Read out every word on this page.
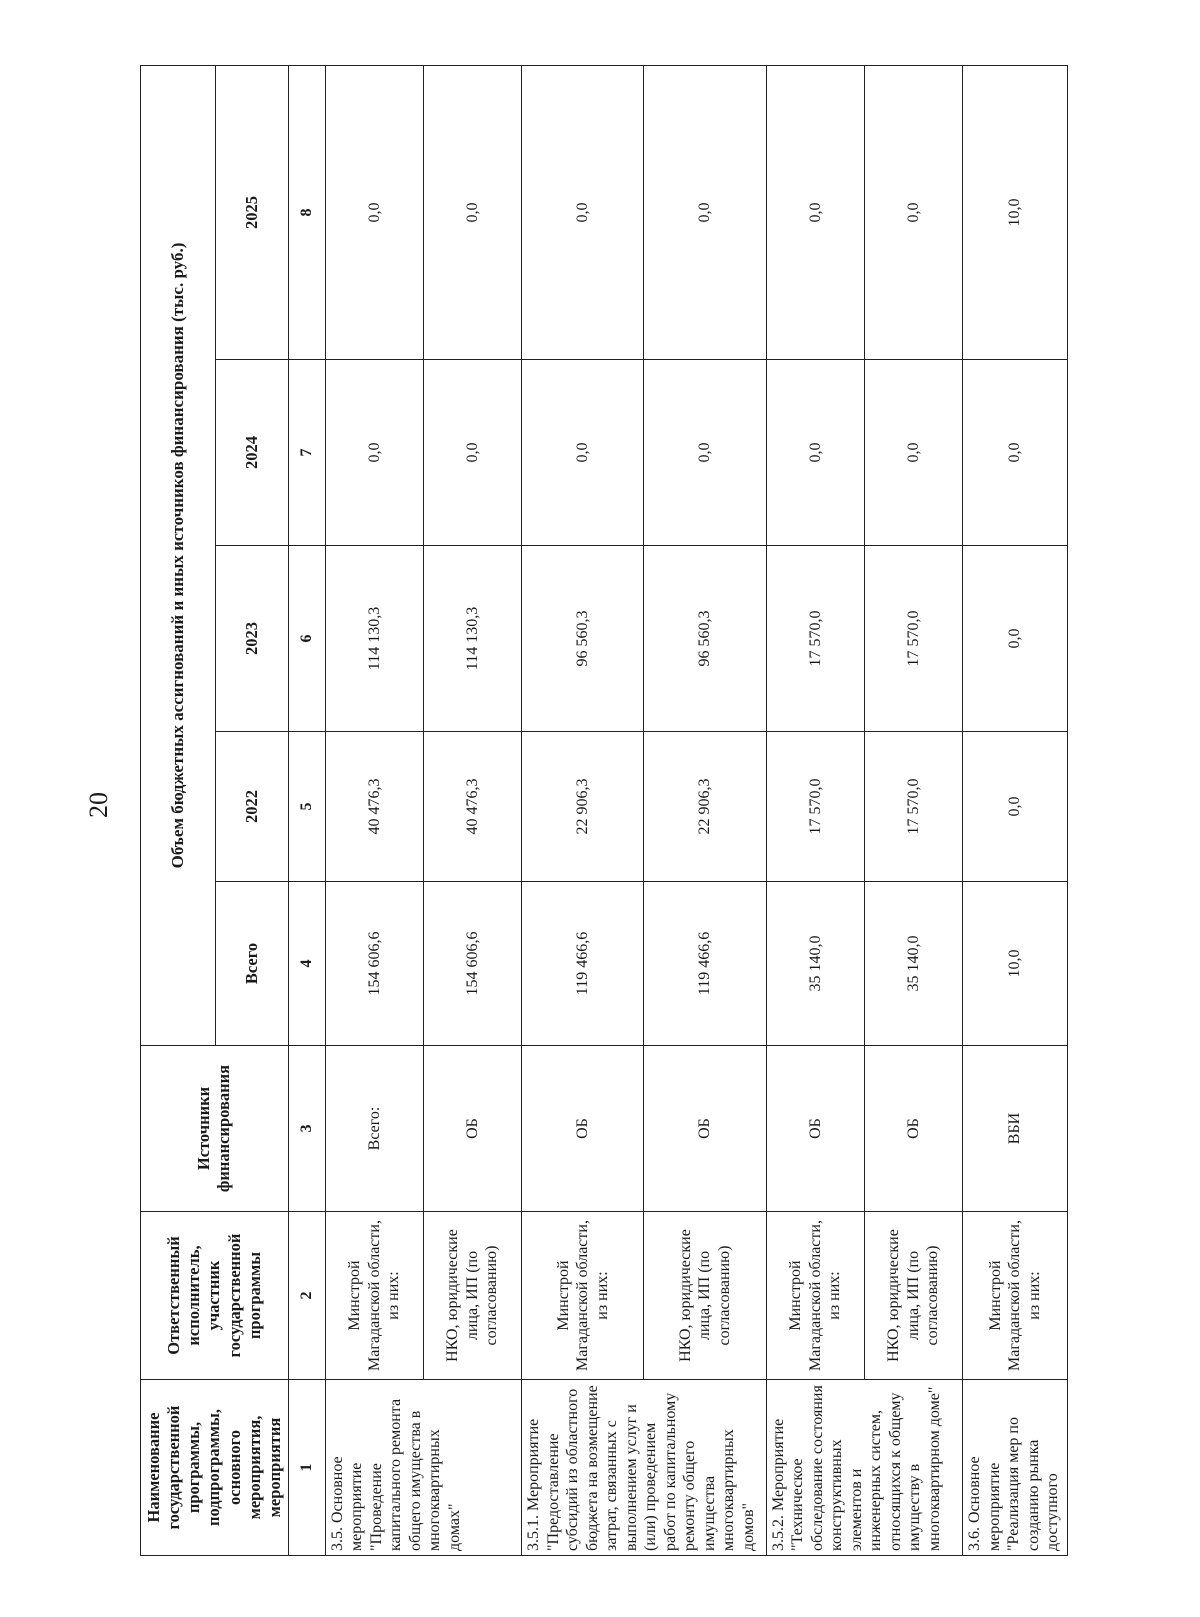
20
Наименование государственной программы, подпрограммы, основного мероприятия, мероприятия	Ответственный исполнитель, участник государственной программы	Источники финансирования	Объем бюджетных ассигнований и иных источников финансирования (тыс. руб.)				
			Всего	2022	2023	2024	2025
1	2	3	4	5	6	7	8
3.5. Основное мероприятие "Проведение капитального ремонта общего имущества в многоквартирных домах"	Минстрой Магаданской области, из них:	Всего:	154 606,6	40 476,3	114 130,3	0,0	0,0
	НКО, юридические лица, ИП (по согласованию)	ОБ	154 606,6	40 476,3	114 130,3	0,0	0,0
3.5.1. Мероприятие "Предоставление субсидий из областного бюджета на возмещение затрат, связанных с выполнением услуг и (или) проведением работ по капитальному ремонту общего имущества многоквартирных домов"	Минстрой Магаданской области, из них:	ОБ	119 466,6	22 906,3	96 560,3	0,0	0,0
	НКО, юридические лица, ИП (по согласованию)	ОБ	119 466,6	22 906,3	96 560,3	0,0	0,0
3.5.2. Мероприятие "Техническое обследование состояния конструктивных элементов и инженерных систем, относящихся к общему имуществу в многоквартирном доме"	Минстрой Магаданской области, из них:	ОБ	35 140,0	17 570,0	17 570,0	0,0	0,0
	НКО, юридические лица, ИП (по согласованию)	ОБ	35 140,0	17 570,0	17 570,0	0,0	0,0
3.6. Основное мероприятие "Реализация мер по созданию рынка доступного	Минстрой Магаданской области, из них:	ВБИ	10,0	0,0	0,0	0,0	10,0
